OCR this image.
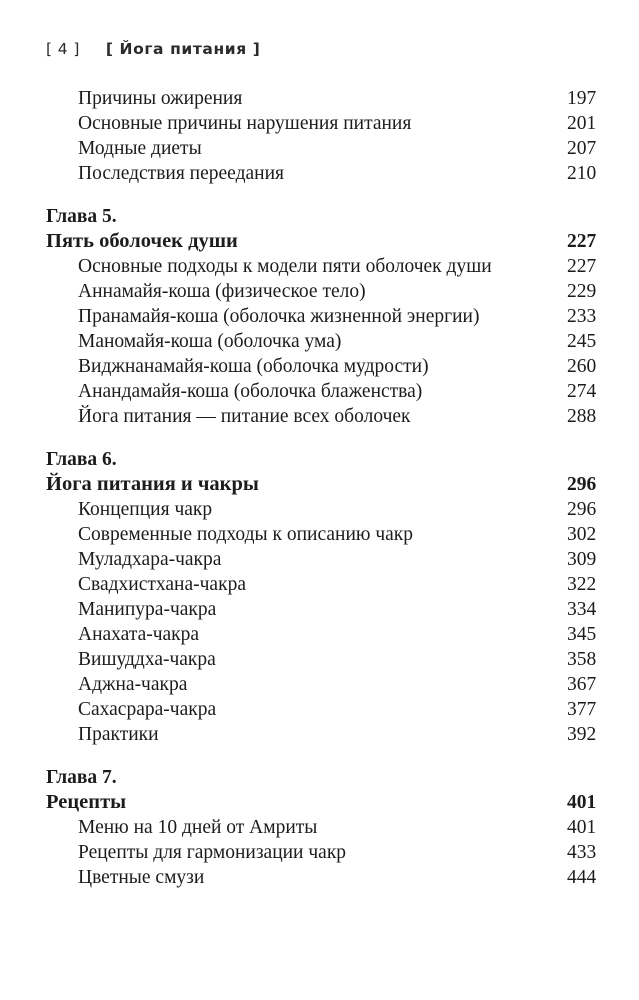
[ 4 ] [ Йога питания ]
Причины ожирения	197
Основные причины нарушения питания	201
Модные диеты	207
Последствия переедания	210
Глава 5.
Пять оболочек души	227
Основные подходы к модели пяти оболочек души	227
Аннамайя-коша (физическое тело)	229
Пранамайя-коша (оболочка жизненной энергии)	233
Маномайя-коша (оболочка ума)	245
Виджнанамайя-коша (оболочка мудрости)	260
Анандамайя-коша (оболочка блаженства)	274
Йога питания — питание всех оболочек	288
Глава 6.
Йога питания и чакры	296
Концепция чакр	296
Современные подходы к описанию чакр	302
Муладхара-чакра	309
Свадхистхана-чакра	322
Манипура-чакра	334
Анахата-чакра	345
Вишуддха-чакра	358
Аджна-чакра	367
Сахасрара-чакра	377
Практики	392
Глава 7.
Рецепты	401
Меню на 10 дней от Амриты	401
Рецепты для гармонизации чакр	433
Цветные смузи	444
